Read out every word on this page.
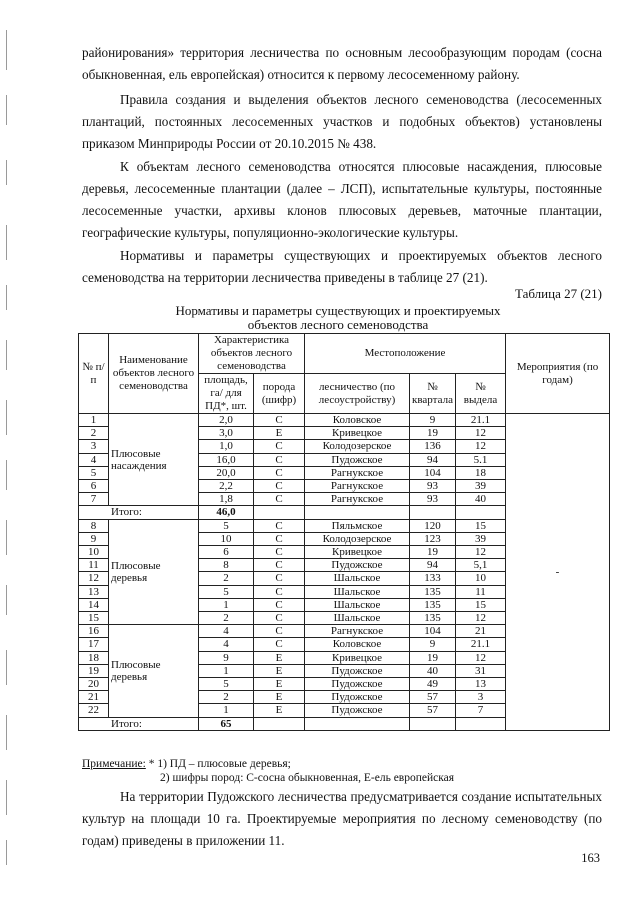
районирования» территория лесничества по основным лесообразующим породам (сосна обыкновенная, ель европейская) относится к первому лесосеменному району.
Правила создания и выделения объектов лесного семеноводства (лесосеменных плантаций, постоянных лесосеменных участков и подобных объектов) установлены приказом Минприроды России от 20.10.2015 № 438.
К объектам лесного семеноводства относятся плюсовые насаждения, плюсовые деревья, лесосеменные плантации (далее – ЛСП), испытательные культуры, постоянные лесосеменные участки, архивы клонов плюсовых деревьев, маточные плантации, географические культуры, популяционно-экологические культуры.
Нормативы и параметры существующих и проектируемых объектов лесного семеноводства на территории лесничества приведены в таблице 27 (21).
Таблица 27 (21)
Нормативы и параметры существующих и проектируемых
объектов лесного семеноводства
№ п/п	Наименование объектов лесного семеноводства	Характеристика объектов лесного семеноводства		Местоположение			Мероприятия (по годам)
		площадь, га/ для ПД*, шт.	порода (шифр)	лесничество (по лесоустройству)	№ квартала	№ выдела	
1	Плюсовые насаждения	2,0	С	Коловское	9	21.1	-
2		3,0	Е	Кривецкое	19	12	
3		1,0	С	Колодозерское	136	12	
4		16,0	С	Пудожское	94	5.1	
5		20,0	С	Рагнукское	104	18	
6		2,2	С	Рагнукское	93	39	
7		1,8	С	Рагнукское	93	40	
Итого:		46,0					
8	Плюсовые деревья	5	С	Пяльмское	120	15	
9		10	С	Колодозерское	123	39	
10		6	С	Кривецкое	19	12	
11		8	С	Пудожское	94	5,1	
12		2	С	Шальское	133	10	
13		5	С	Шальское	135	11	
14		1	С	Шальское	135	15	
15		2	С	Шальское	135	12	
16	Плюсовые деревья	4	С	Рагнукское	104	21	
17		4	С	Коловское	9	21.1	
18		9	Е	Кривецкое	19	12	
19		1	Е	Пудожское	40	31	
20		5	Е	Пудожское	49	13	
21		2	Е	Пудожское	57	3	
22		1	Е	Пудожское	57	7	
Итого:		65					
Примечание: * 1) ПД – плюсовые деревья;
2) шифры пород: С-сосна обыкновенная, Е-ель европейская
На территории Пудожского лесничества предусматривается создание испытательных культур на площади 10 га. Проектируемые мероприятия по лесному семеноводству (по годам) приведены в приложении 11.
163
